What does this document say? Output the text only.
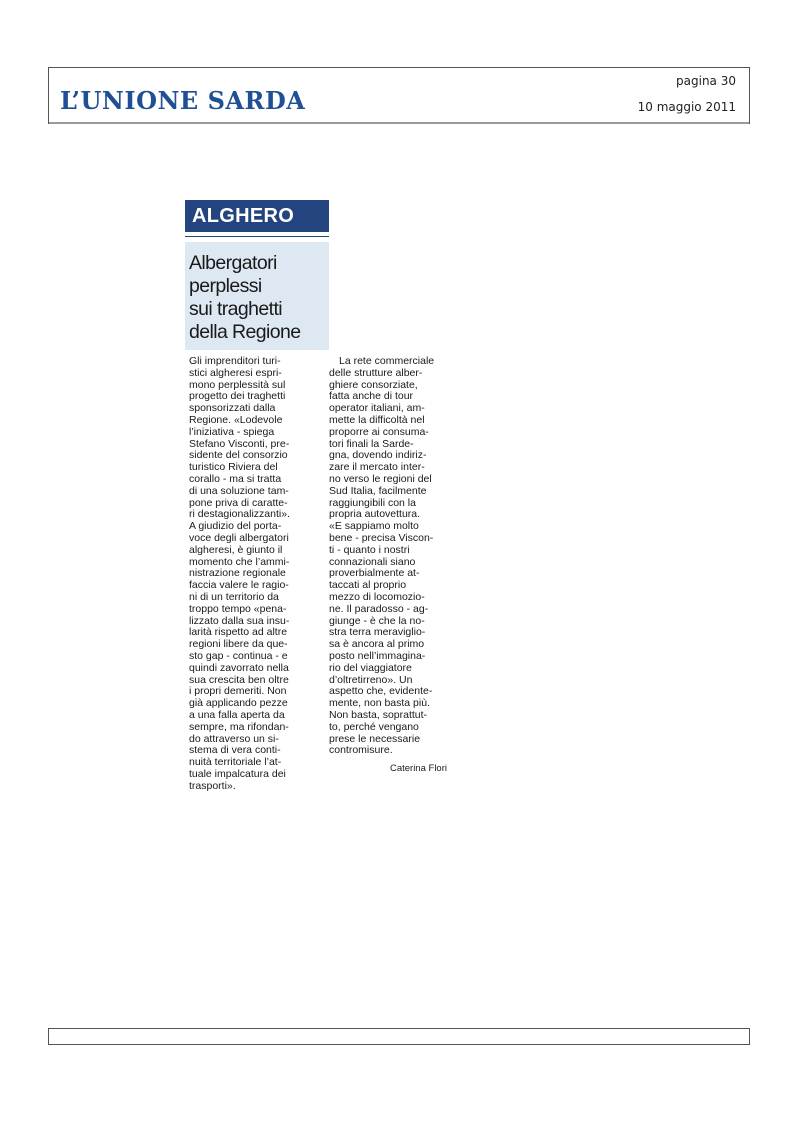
L’UNIONE SARDA
pagina 30
10 maggio 2011
ALGHERO
Albergatori
perplessi
sui traghetti
della Regione
Gli imprenditori turi-
stici algheresi espri-
mono perplessità sul
progetto dei traghetti
sponsorizzati dalla
Regione. «Lodevole
l’iniziativa - spiega
Stefano Visconti, pre-
sidente del consorzio
turistico Riviera del
corallo - ma si tratta
di una soluzione tam-
pone priva di caratte-
ri destagionalizzanti».
A giudizio del porta-
voce degli albergatori
algheresi, è giunto il
momento che l’ammi-
nistrazione regionale
faccia valere le ragio-
ni di un territorio da
troppo tempo «pena-
lizzato dalla sua insu-
larità rispetto ad altre
regioni libere da que-
sto gap - continua - e
quindi zavorrato nella
sua crescita ben oltre
i propri demeriti. Non
già applicando pezze
a una falla aperta da
sempre, ma rifondan-
do attraverso un si-
stema di vera conti-
nuità territoriale l’at-
tuale impalcatura dei
trasporti».
La rete commerciale
delle strutture alber-
ghiere consorziate,
fatta anche di tour
operator italiani, am-
mette la difficoltà nel
proporre ai consuma-
tori finali la Sarde-
gna, dovendo indiriz-
zare il mercato inter-
no verso le regioni del
Sud Italia, facilmente
raggiungibili con la
propria autovettura.
«E sappiamo molto
bene - precisa Viscon-
ti - quanto i nostri
connazionali siano
proverbialmente at-
taccati al proprio
mezzo di locomozio-
ne. Il paradosso - ag-
giunge - è che la no-
stra terra meraviglio-
sa è ancora al primo
posto nell’immagina-
rio del viaggiatore
d’oltretirreno». Un
aspetto che, evidente-
mente, non basta più.
Non basta, soprattut-
to, perché vengano
prese le necessarie
contromisure.
Caterina Flori
